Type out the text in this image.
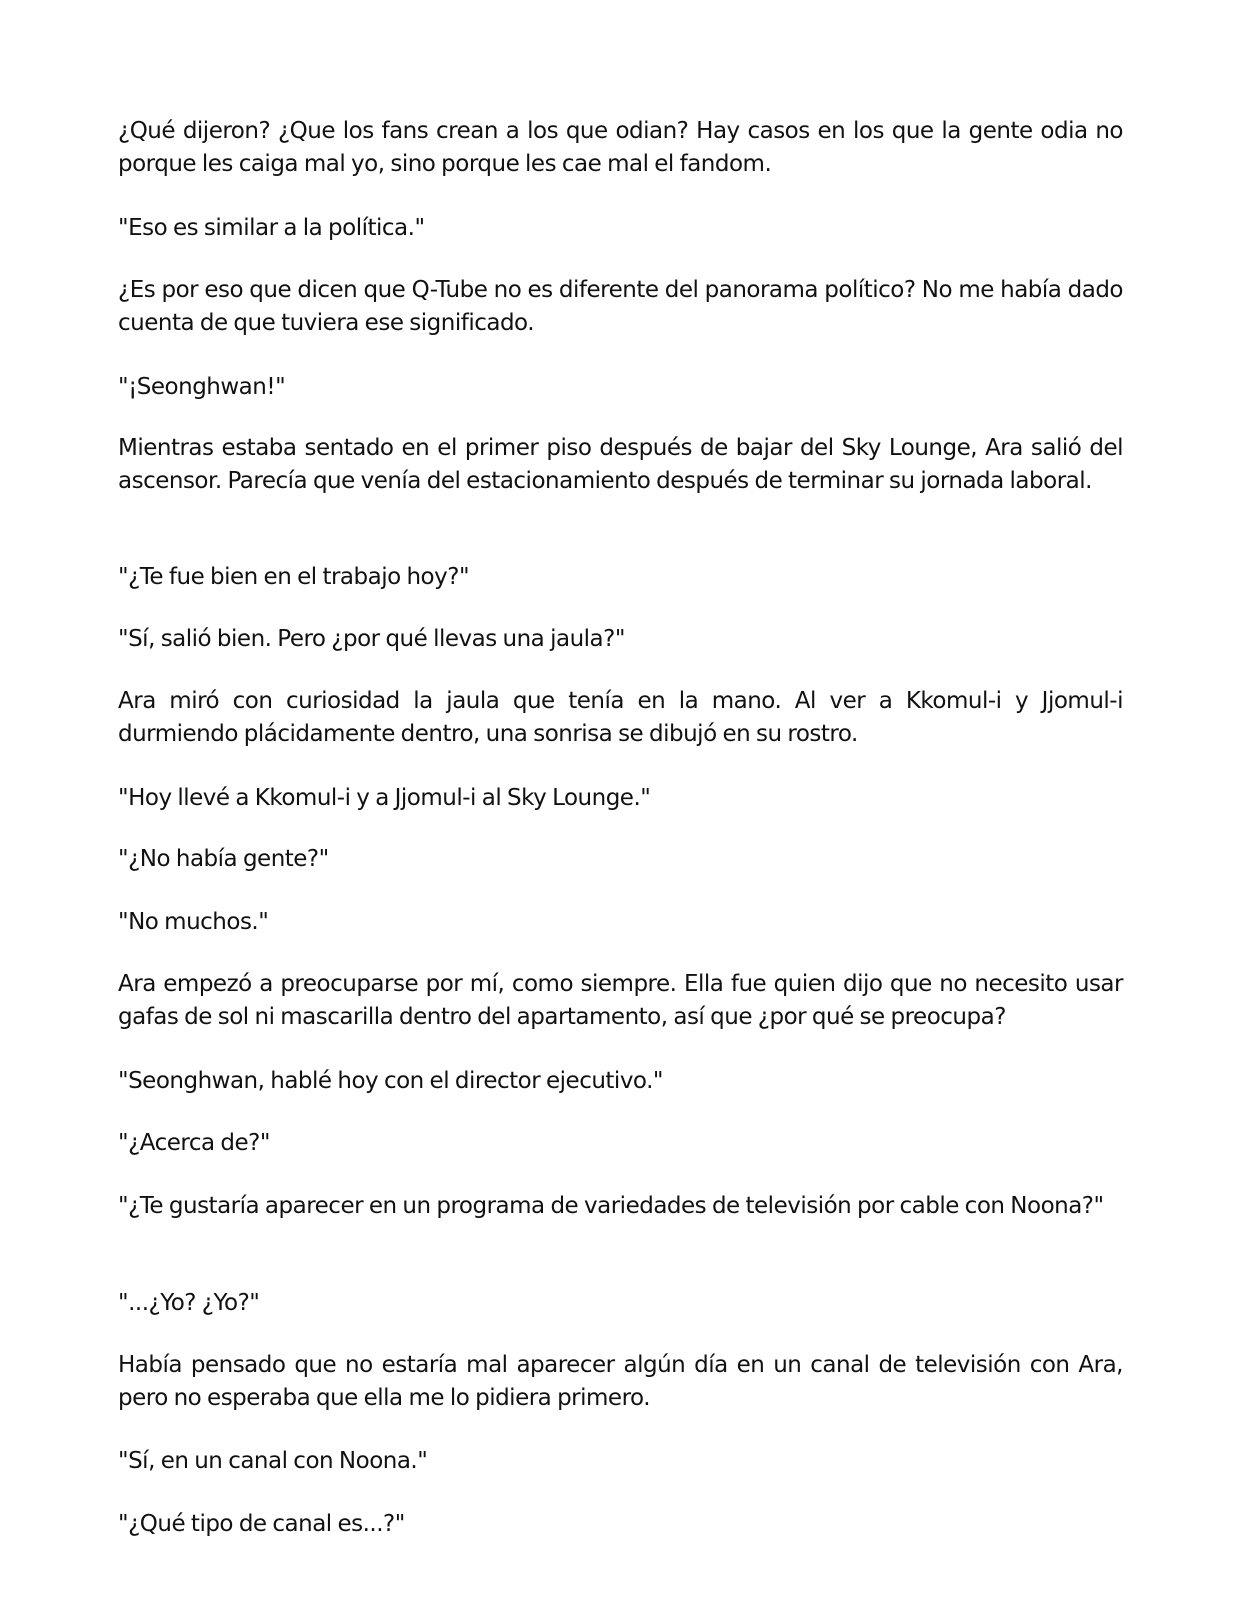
¿Qué dijeron? ¿Que los fans crean a los que odian? Hay casos en los que la gente odia no porque les caiga mal yo, sino porque les cae mal el fandom.

"Eso es similar a la política."

¿Es por eso que dicen que Q-Tube no es diferente del panorama político? No me había dado cuenta de que tuviera ese significado.

"¡Seonghwan!"

Mientras estaba sentado en el primer piso después de bajar del Sky Lounge, Ara salió del ascensor. Parecía que venía del estacionamiento después de terminar su jornada laboral.

"¿Te fue bien en el trabajo hoy?"

"Sí, salió bien. Pero ¿por qué llevas una jaula?"

Ara miró con curiosidad la jaula que tenía en la mano. Al ver a Kkomul-i y Jjomul-i durmiendo plácidamente dentro, una sonrisa se dibujó en su rostro.

"Hoy llevé a Kkomul-i y a Jjomul-i al Sky Lounge."

"¿No había gente?"

"No muchos."

Ara empezó a preocuparse por mí, como siempre. Ella fue quien dijo que no necesito usar gafas de sol ni mascarilla dentro del apartamento, así que ¿por qué se preocupa?

"Seonghwan, hablé hoy con el director ejecutivo."

"¿Acerca de?"

"¿Te gustaría aparecer en un programa de variedades de televisión por cable con Noona?"

"...¿Yo? ¿Yo?"

Había pensado que no estaría mal aparecer algún día en un canal de televisión con Ara, pero no esperaba que ella me lo pidiera primero.

"Sí, en un canal con Noona."

"¿Qué tipo de canal es...?"
